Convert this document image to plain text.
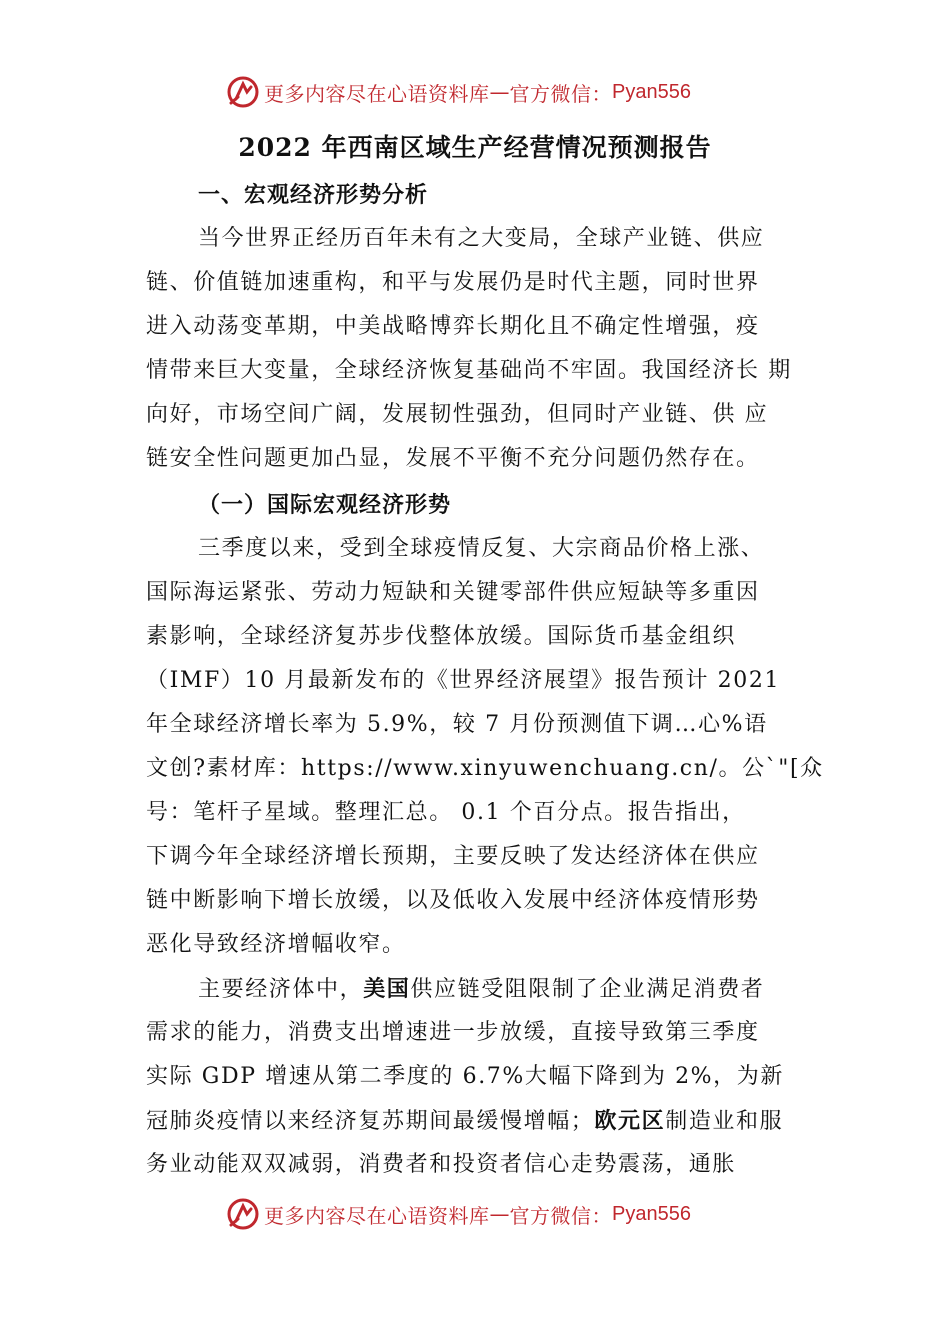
更多内容尽在心语资料库 — 官方微信： Pyan556
2022 年西南区域生产经营情况预测报告
一、宏观经济形势分析
当今世界正经历百年未有之大变局，全球产业链、供应
链、价值链加速重构，和平与发展仍是时代主题，同时世界
进入动荡变革期，中美战略博弈长期化且不确定性增强，疫
情带来巨大变量，全球经济恢复基础尚不牢固。我国经济长 期
向好，市场空间广阔，发展韧性强劲，但同时产业链、供 应
链安全性问题更加凸显，发展不平衡不充分问题仍然存在。
（一）国际宏观经济形势
三季度以来，受到全球疫情反复、大宗商品价格上涨、
国际海运紧张、劳动力短缺和关键零部件供应短缺等多重因
素影响，全球经济复苏步伐整体放缓。国际货币基金组织
（IMF）10 月最新发布的《世界经济展望》报告预计 2021
年全球经济增长率为 5.9%，较 7 月份预测值下调…心%语
文创?素材库：https://www.xinyuwenchuang.cn/。公`"[众
号：笔杆子星域。整理汇总。 0.1 个百分点。报告指出，
下调今年全球经济增长预期，主要反映了发达经济体在供应
链中断影响下增长放缓，以及低收入发展中经济体疫情形势
恶化导致经济增幅收窄。
主要经济体中，美国供应链受阻限制了企业满足消费者
需求的能力，消费支出增速进一步放缓，直接导致第三季度
实际 GDP 增速从第二季度的 6.7%大幅下降到为 2%，为新
冠肺炎疫情以来经济复苏期间最缓慢增幅；欧元区制造业和服
务业动能双双减弱，消费者和投资者信心走势震荡，通胀
更多内容尽在心语资料库 — 官方微信： Pyan556
